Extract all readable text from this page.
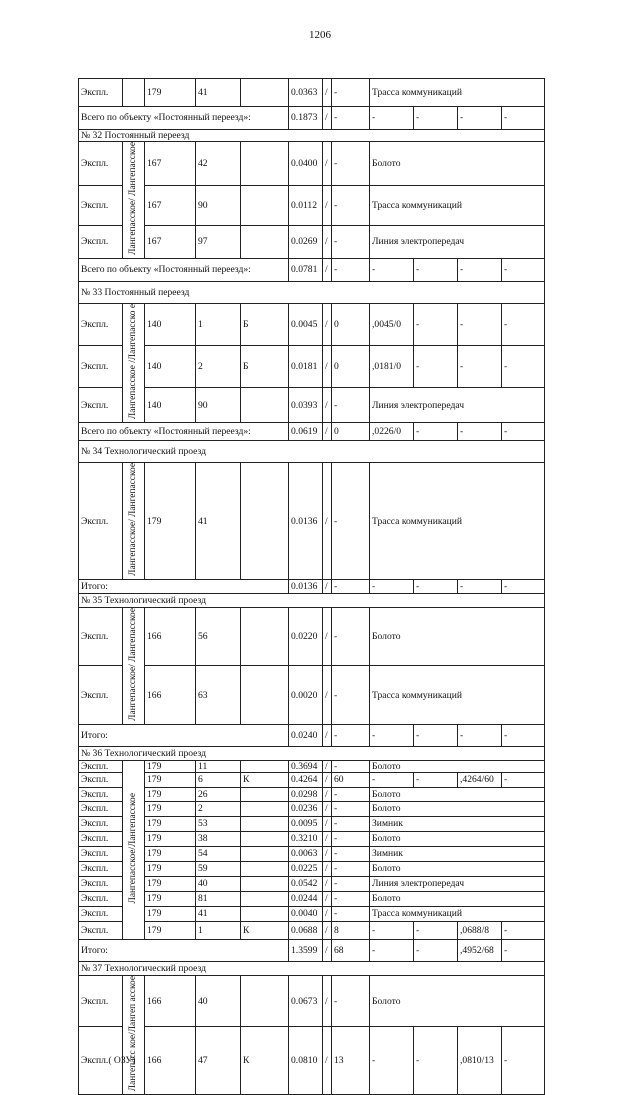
1206
Экспл.		179	41		0.0363	/	-	Трасса коммуникаций			
Всего по объекту «Постоянный переезд»:					0.1873	/	-	-	-	-	-
№ 32 Постоянный переезд											
Экспл.	Лангепасское/ Лангепасское	167	42		0.0400	/	-	Болото			
Экспл.		167	90		0.0112	/	-	Трасса коммуникаций			
Экспл.		167	97		0.0269	/	-	Линия электропередач			
Всего по объекту «Постоянный переезд»:					0.0781	/	-	-	-	-	-
№ 33 Постоянный переезд											
Экспл.	Лангепасское /Лангепасско е	140	1	Б	0.0045	/	0	,0045/0	-	-	-
Экспл.		140	2	Б	0.0181	/	0	,0181/0	-	-	-
Экспл.		140	90		0.0393	/	-	Линия электропередач			
Всего по объекту «Постоянный переезд»:					0.0619	/	0	,0226/0	-	-	-
№ 34 Технологический проезд											
Экспл.	Лангепасское/ Лангепасское	179	41		0.0136	/	-	Трасса коммуникаций			
Итого:					0.0136	/	-	-	-	-	-
№ 35 Технологический проезд											
Экспл.	Лангепасское/ Лангепасское	166	56		0.0220	/	-	Болото			
Экспл.		166	63		0.0020	/	-	Трасса коммуникаций			
Итого:					0.0240	/	-	-	-	-	-
№ 36 Технологический проезд											
Экспл.	Лангепасское/Лангепасское	179	11		0.3694	/	-	Болото			
Экспл.		179	6	К	0.4264	/	60	-	-	,4264/60	-
Экспл.		179	26		0.0298	/	-	Болото			
Экспл.		179	2		0.0236	/	-	Болото			
Экспл.		179	53		0.0095	/	-	Зимник			
Экспл.		179	38		0.3210	/	-	Болото			
Экспл.		179	54		0.0063	/	-	Зимник			
Экспл.		179	59		0.0225	/	-	Болото			
Экспл.		179	40		0.0542	/	-	Линия электропередач			
Экспл.		179	81		0.0244	/	-	Болото			
Экспл.		179	41		0.0040	/	-	Трасса коммуникаций			
Экспл.		179	1	К	0.0688	/	8	-	-	,0688/8	-
Итого:					1.3599	/	68	-	-	,4952/68	-
№ 37 Технологический проезд											
Экспл.	Лангепасс кое/Лангеп асское	166	40		0.0673	/	-	Болото			
Экспл.( ОЗУ)		166	47	К	0.0810	/	13	-	-	,0810/13	-
